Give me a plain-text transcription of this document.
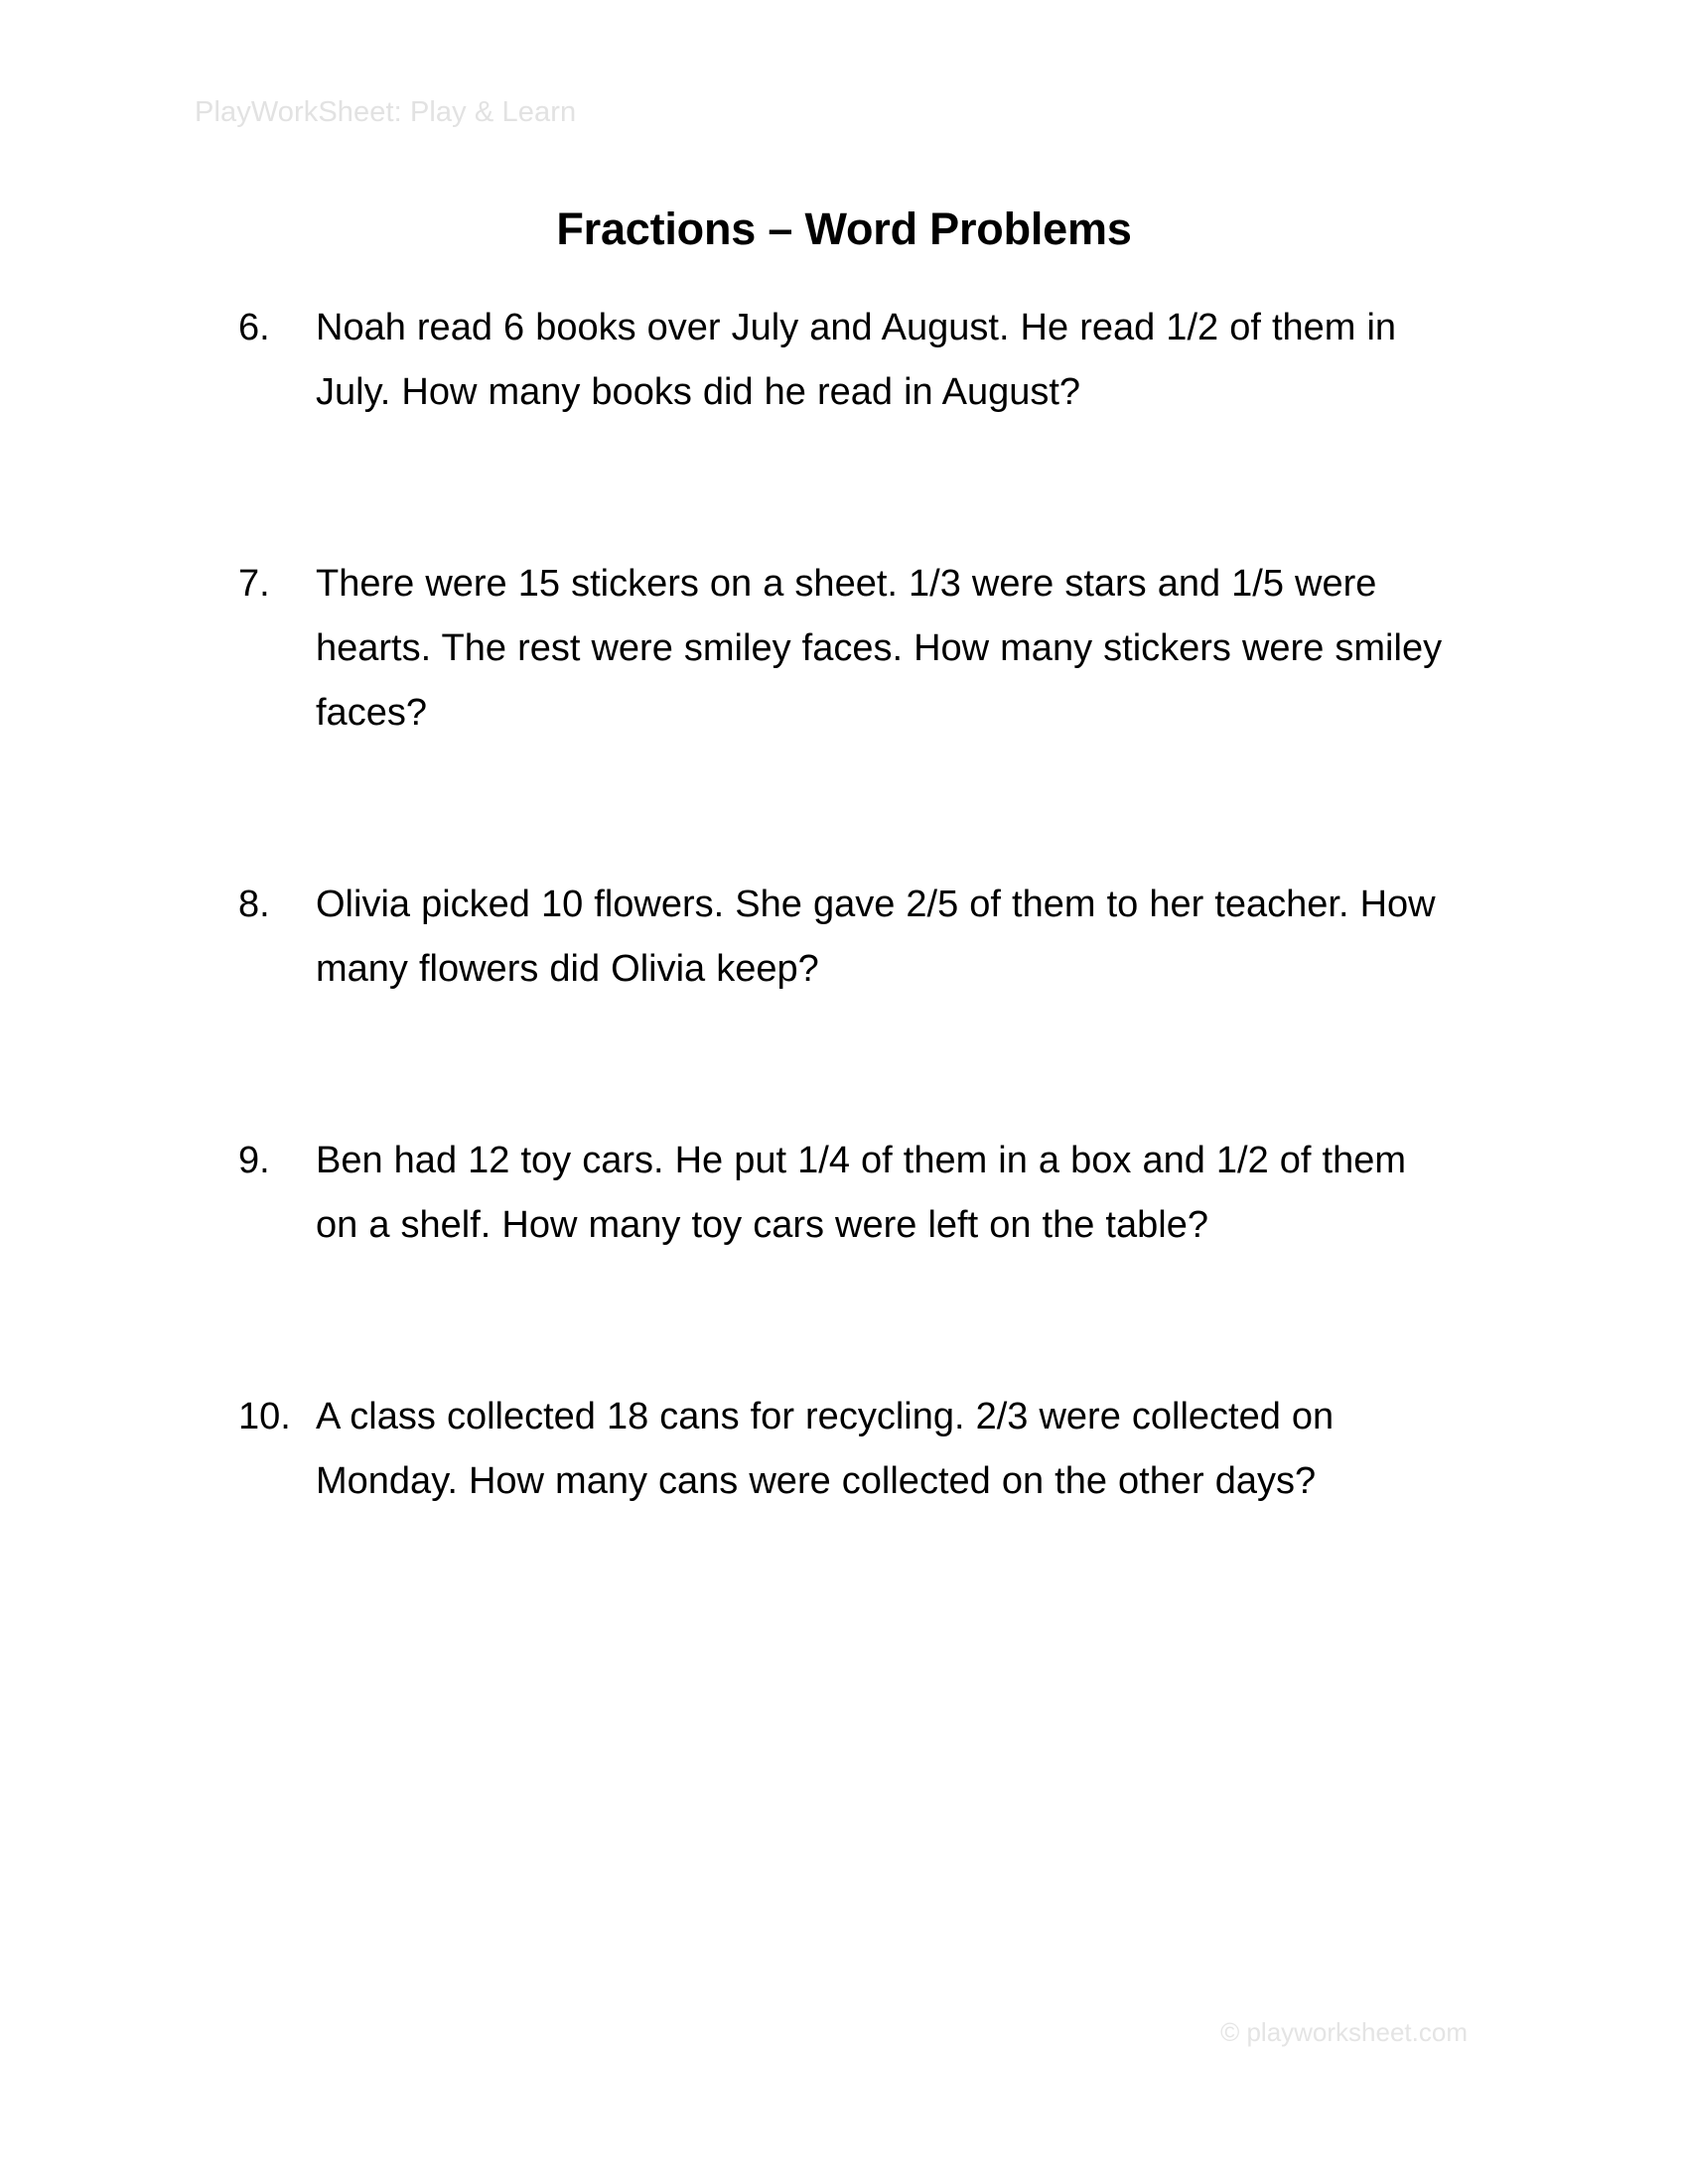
PlayWorkSheet: Play & Learn
Fractions – Word Problems
6.	Noah read 6 books over July and August. He read 1/2 of them in July. How many books did he read in August?
7.	There were 15 stickers on a sheet. 1/3 were stars and 1/5 were hearts. The rest were smiley faces. How many stickers were smiley faces?
8.	Olivia picked 10 flowers. She gave 2/5 of them to her teacher. How many flowers did Olivia keep?
9.	Ben had 12 toy cars. He put 1/4 of them in a box and 1/2 of them on a shelf. How many toy cars were left on the table?
10. A class collected 18 cans for recycling. 2/3 were collected on Monday. How many cans were collected on the other days?
© playworksheet.com
